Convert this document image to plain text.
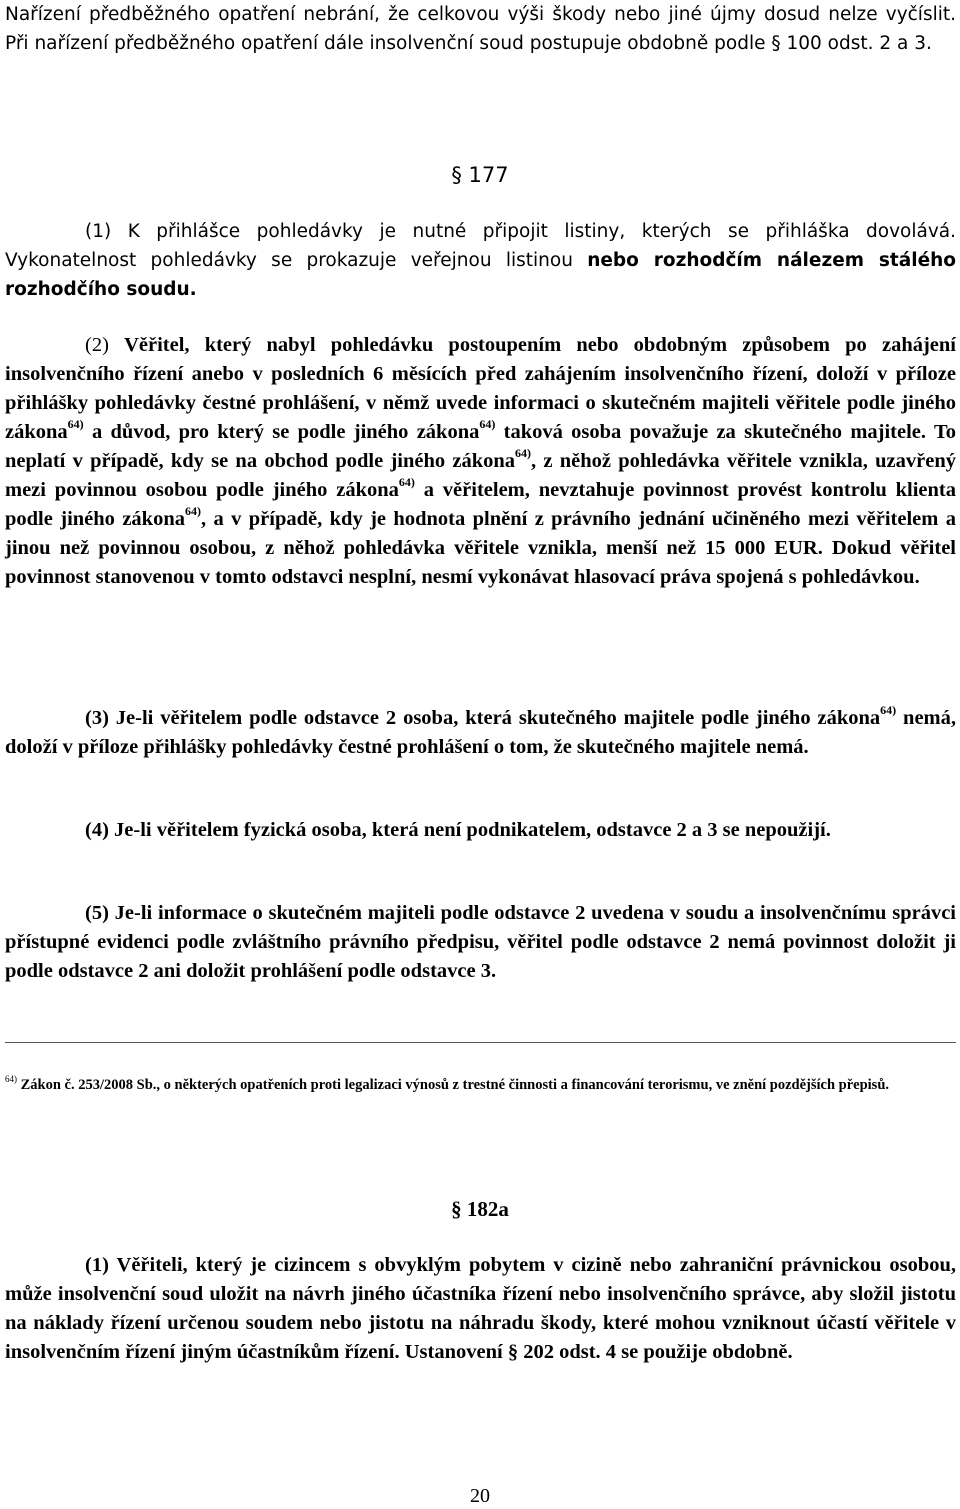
Nařízení předběžného opatření nebrání, že celkovou výši škody nebo jiné újmy dosud nelze vyčíslit. Při nařízení předběžného opatření dále insolvenční soud postupuje obdobně podle § 100 odst. 2 a 3.

§ 177

(1) K přihlášce pohledávky je nutné připojit listiny, kterých se přihláška dovolává. Vykonatelnost pohledávky se prokazuje veřejnou listinou nebo rozhodčím nálezem stálého rozhodčího soudu.

(2) Věřitel, který nabyl pohledávku postoupením nebo obdobným způsobem po zahájení insolvenčního řízení anebo v posledních 6 měsících před zahájením insolvenčního řízení, doloží v příloze přihlášky pohledávky čestné prohlášení, v němž uvede informaci o skutečném majiteli věřitele podle jiného zákona$^{64)}$ a důvod, pro který se podle jiného zákona$^{64)}$ taková osoba považuje za skutečného majitele. To neplatí v případě, kdy se na obchod podle jiného zákona$^{64)}$, z něhož pohledávka věřitele vznikla, uzavřený mezi povinnou osobou podle jiného zákona$^{64)}$ a věřitelem, nevztahuje povinnost provést kontrolu klienta podle jiného zákona$^{64)}$, a v případě, kdy je hodnota plnění z právního jednání učiněného mezi věřitelem a jinou než povinnou osobou, z něhož pohledávka věřitele vznikla, menší než 15 000 EUR. Dokud věřitel povinnost stanovenou v tomto odstavci nesplní, nesmí vykonávat hlasovací práva spojená s pohledávkou.

(3) Je-li věřitelem podle odstavce 2 osoba, která skutečného majitele podle jiného zákona$^{64)}$ nemá, doloží v příloze přihlášky pohledávky čestné prohlášení o tom, že skutečného majitele nemá.

(4) Je-li věřitelem fyzická osoba, která není podnikatelem, odstavce 2 a 3 se nepoužijí.

(5) Je-li informace o skutečném majiteli podle odstavce 2 uvedena v soudu a insolvenčnímu správci přístupné evidenci podle zvláštního právního předpisu, věřitel podle odstavce 2 nemá povinnost doložit ji podle odstavce 2 ani doložit prohlášení podle odstavce 3.

$^{64)}$ Zákon č. 253/2008 Sb., o některých opatřeních proti legalizaci výnosů z trestné činnosti a financování terorismu, ve znění pozdějších přepisů.

§ 182a

(1) Věřiteli, který je cizincem s obvyklým pobytem v cizině nebo zahraniční právnickou osobou, může insolvenční soud uložit na návrh jiného účastníka řízení nebo insolvenčního správce, aby složil jistotu na náklady řízení určenou soudem nebo jistotu na náhradu škody, které mohou vzniknout účastí věřitele v insolvenčním řízení jiným účastníkům řízení. Ustanovení § 202 odst. 4 se použije obdobně.

20
